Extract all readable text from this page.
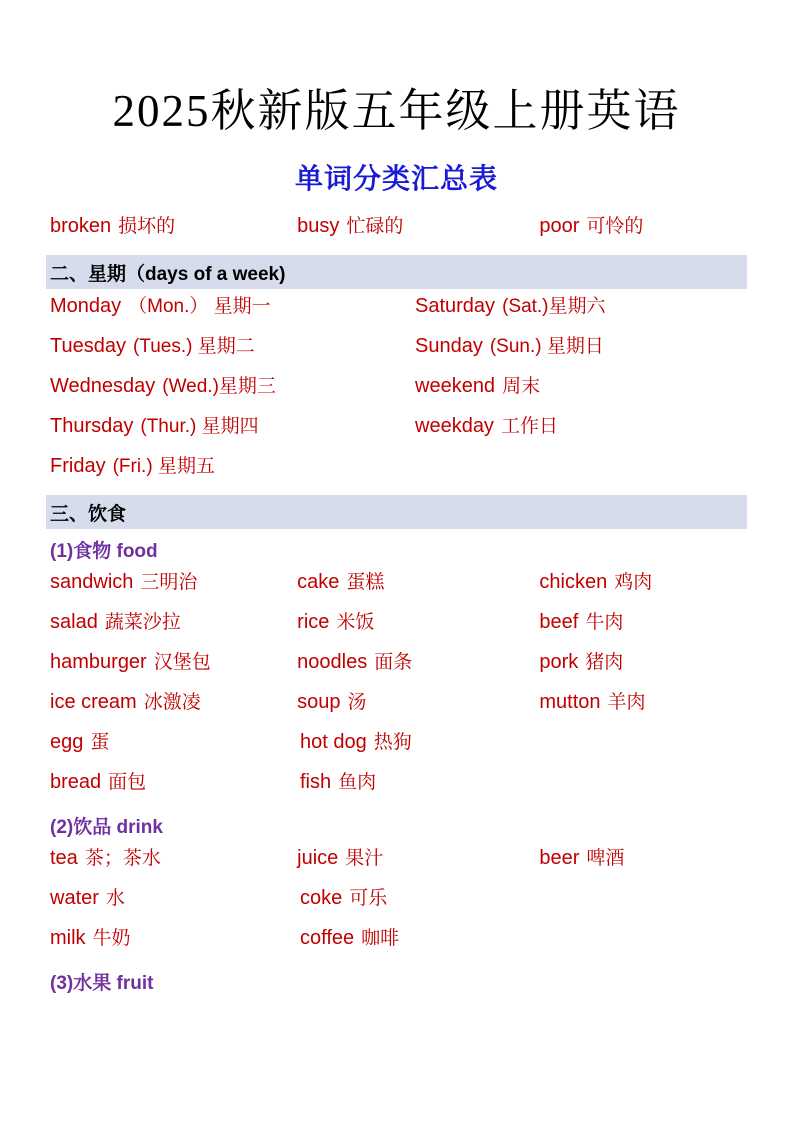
2025秋新版五年级上册英语
单词分类汇总表
broken 损坏的	busy 忙碌的	poor 可怜的
二、星期（days of a week)
Monday （Mon.） 星期一	Saturday (Sat.)星期六
Tuesday (Tues.) 星期二	Sunday (Sun.) 星期日
Wednesday (Wed.)星期三	weekend 周末
Thursday (Thur.) 星期四	weekday 工作日
Friday (Fri.) 星期五
三、饮食
(1)食物 food
sandwich 三明治	cake 蛋糕	chicken 鸡肉
salad 蔬菜沙拉	rice 米饭	beef 牛肉
hamburger 汉堡包	noodles 面条	pork 猪肉
ice cream 冰激凌	soup 汤	mutton 羊肉
egg 蛋	hot dog 热狗
bread 面包	fish 鱼肉
(2)饮品 drink
tea 茶；茶水	juice 果汁	beer 啤酒
water 水	coke 可乐
milk 牛奶	coffee 咖啡
(3)水果 fruit
